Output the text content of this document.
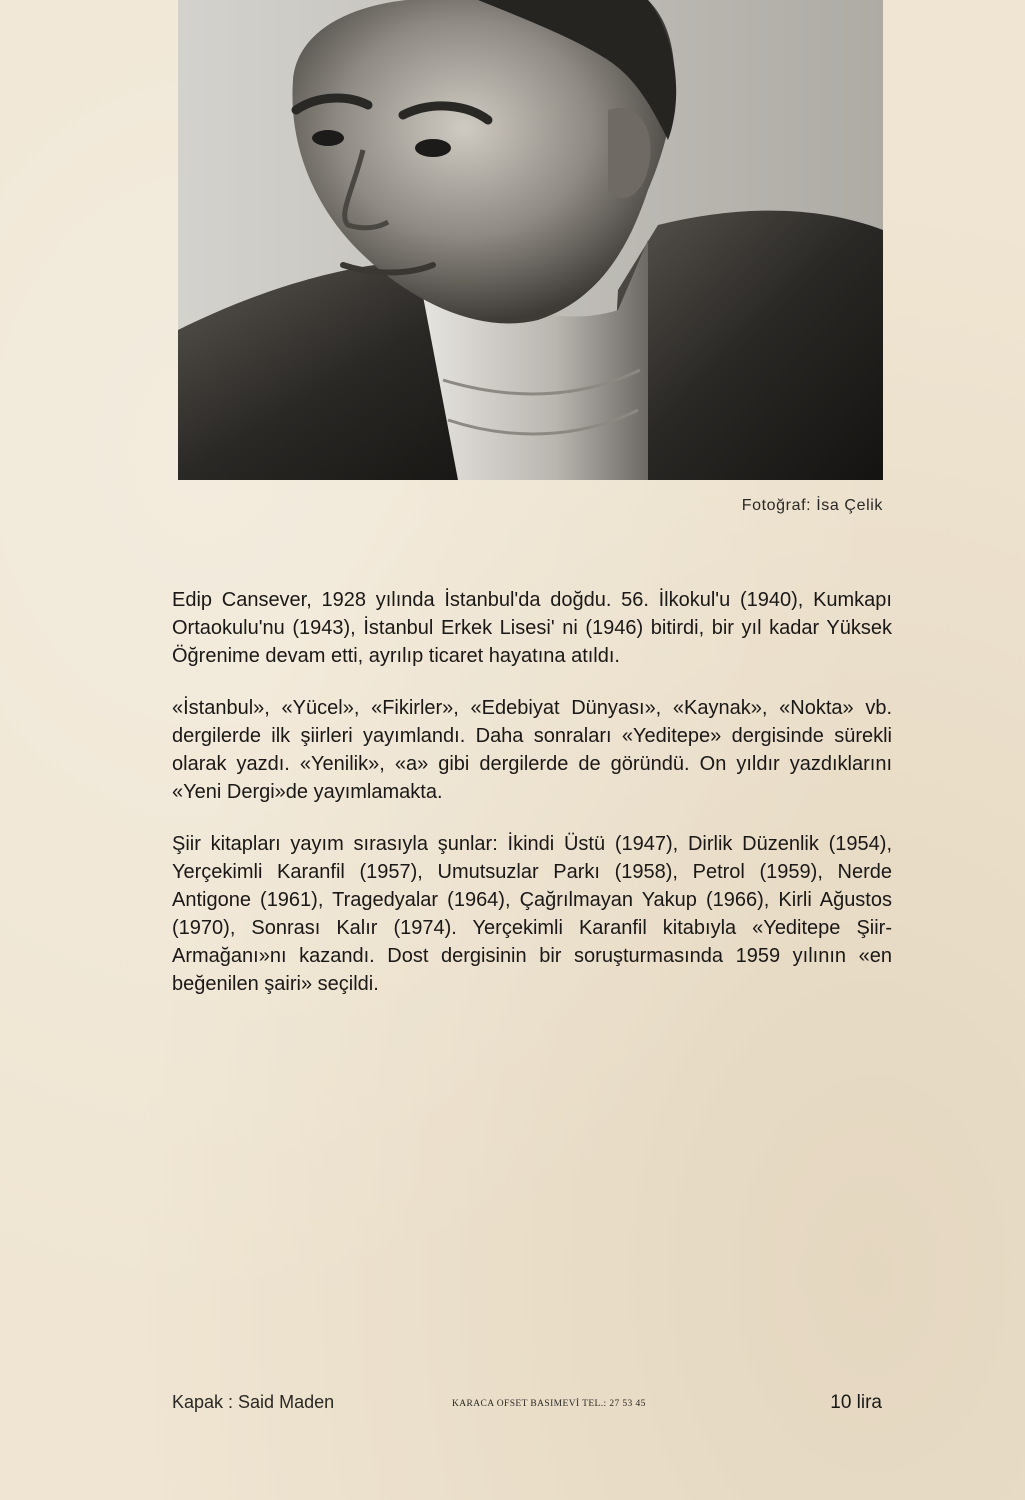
Fotoğraf: İsa Çelik

Edip Cansever, 1928 yılında İstanbul'da doğdu. 56. İlkokul'u (1940), Kumkapı Ortaokulu'nu (1943), İstanbul Erkek Lisesi' ni (1946) bitirdi, bir yıl kadar Yüksek Öğrenime devam etti, ayrılıp ticaret hayatına atıldı.

«İstanbul», «Yücel», «Fikirler», «Edebiyat Dünyası», «Kaynak», «Nokta» vb. dergilerde ilk şiirleri yayımlandı. Daha sonraları «Yeditepe» dergisinde sürekli olarak yazdı. «Yenilik», «a» gibi dergilerde de göründü. On yıldır yazdıklarını «Yeni Dergi»de yayımlamakta.

Şiir kitapları yayım sırasıyla şunlar: İkindi Üstü (1947), Dirlik Düzenlik (1954), Yerçekimli Karanfil (1957), Umutsuzlar Parkı (1958), Petrol (1959), Nerde Antigone (1961), Tragedyalar (1964), Çağrılmayan Yakup (1966), Kirli Ağustos (1970), Sonrası Kalır (1974). Yerçekimli Karanfil kitabıyla «Yeditepe Şiir-Armağanı»nı kazandı. Dost dergisinin bir soruşturmasında 1959 yılının «en beğenilen şairi» seçildi.

Kapak : Said Maden	KARACA OFSET BASIMEVİ TEL.: 27 53 45	10 lira
